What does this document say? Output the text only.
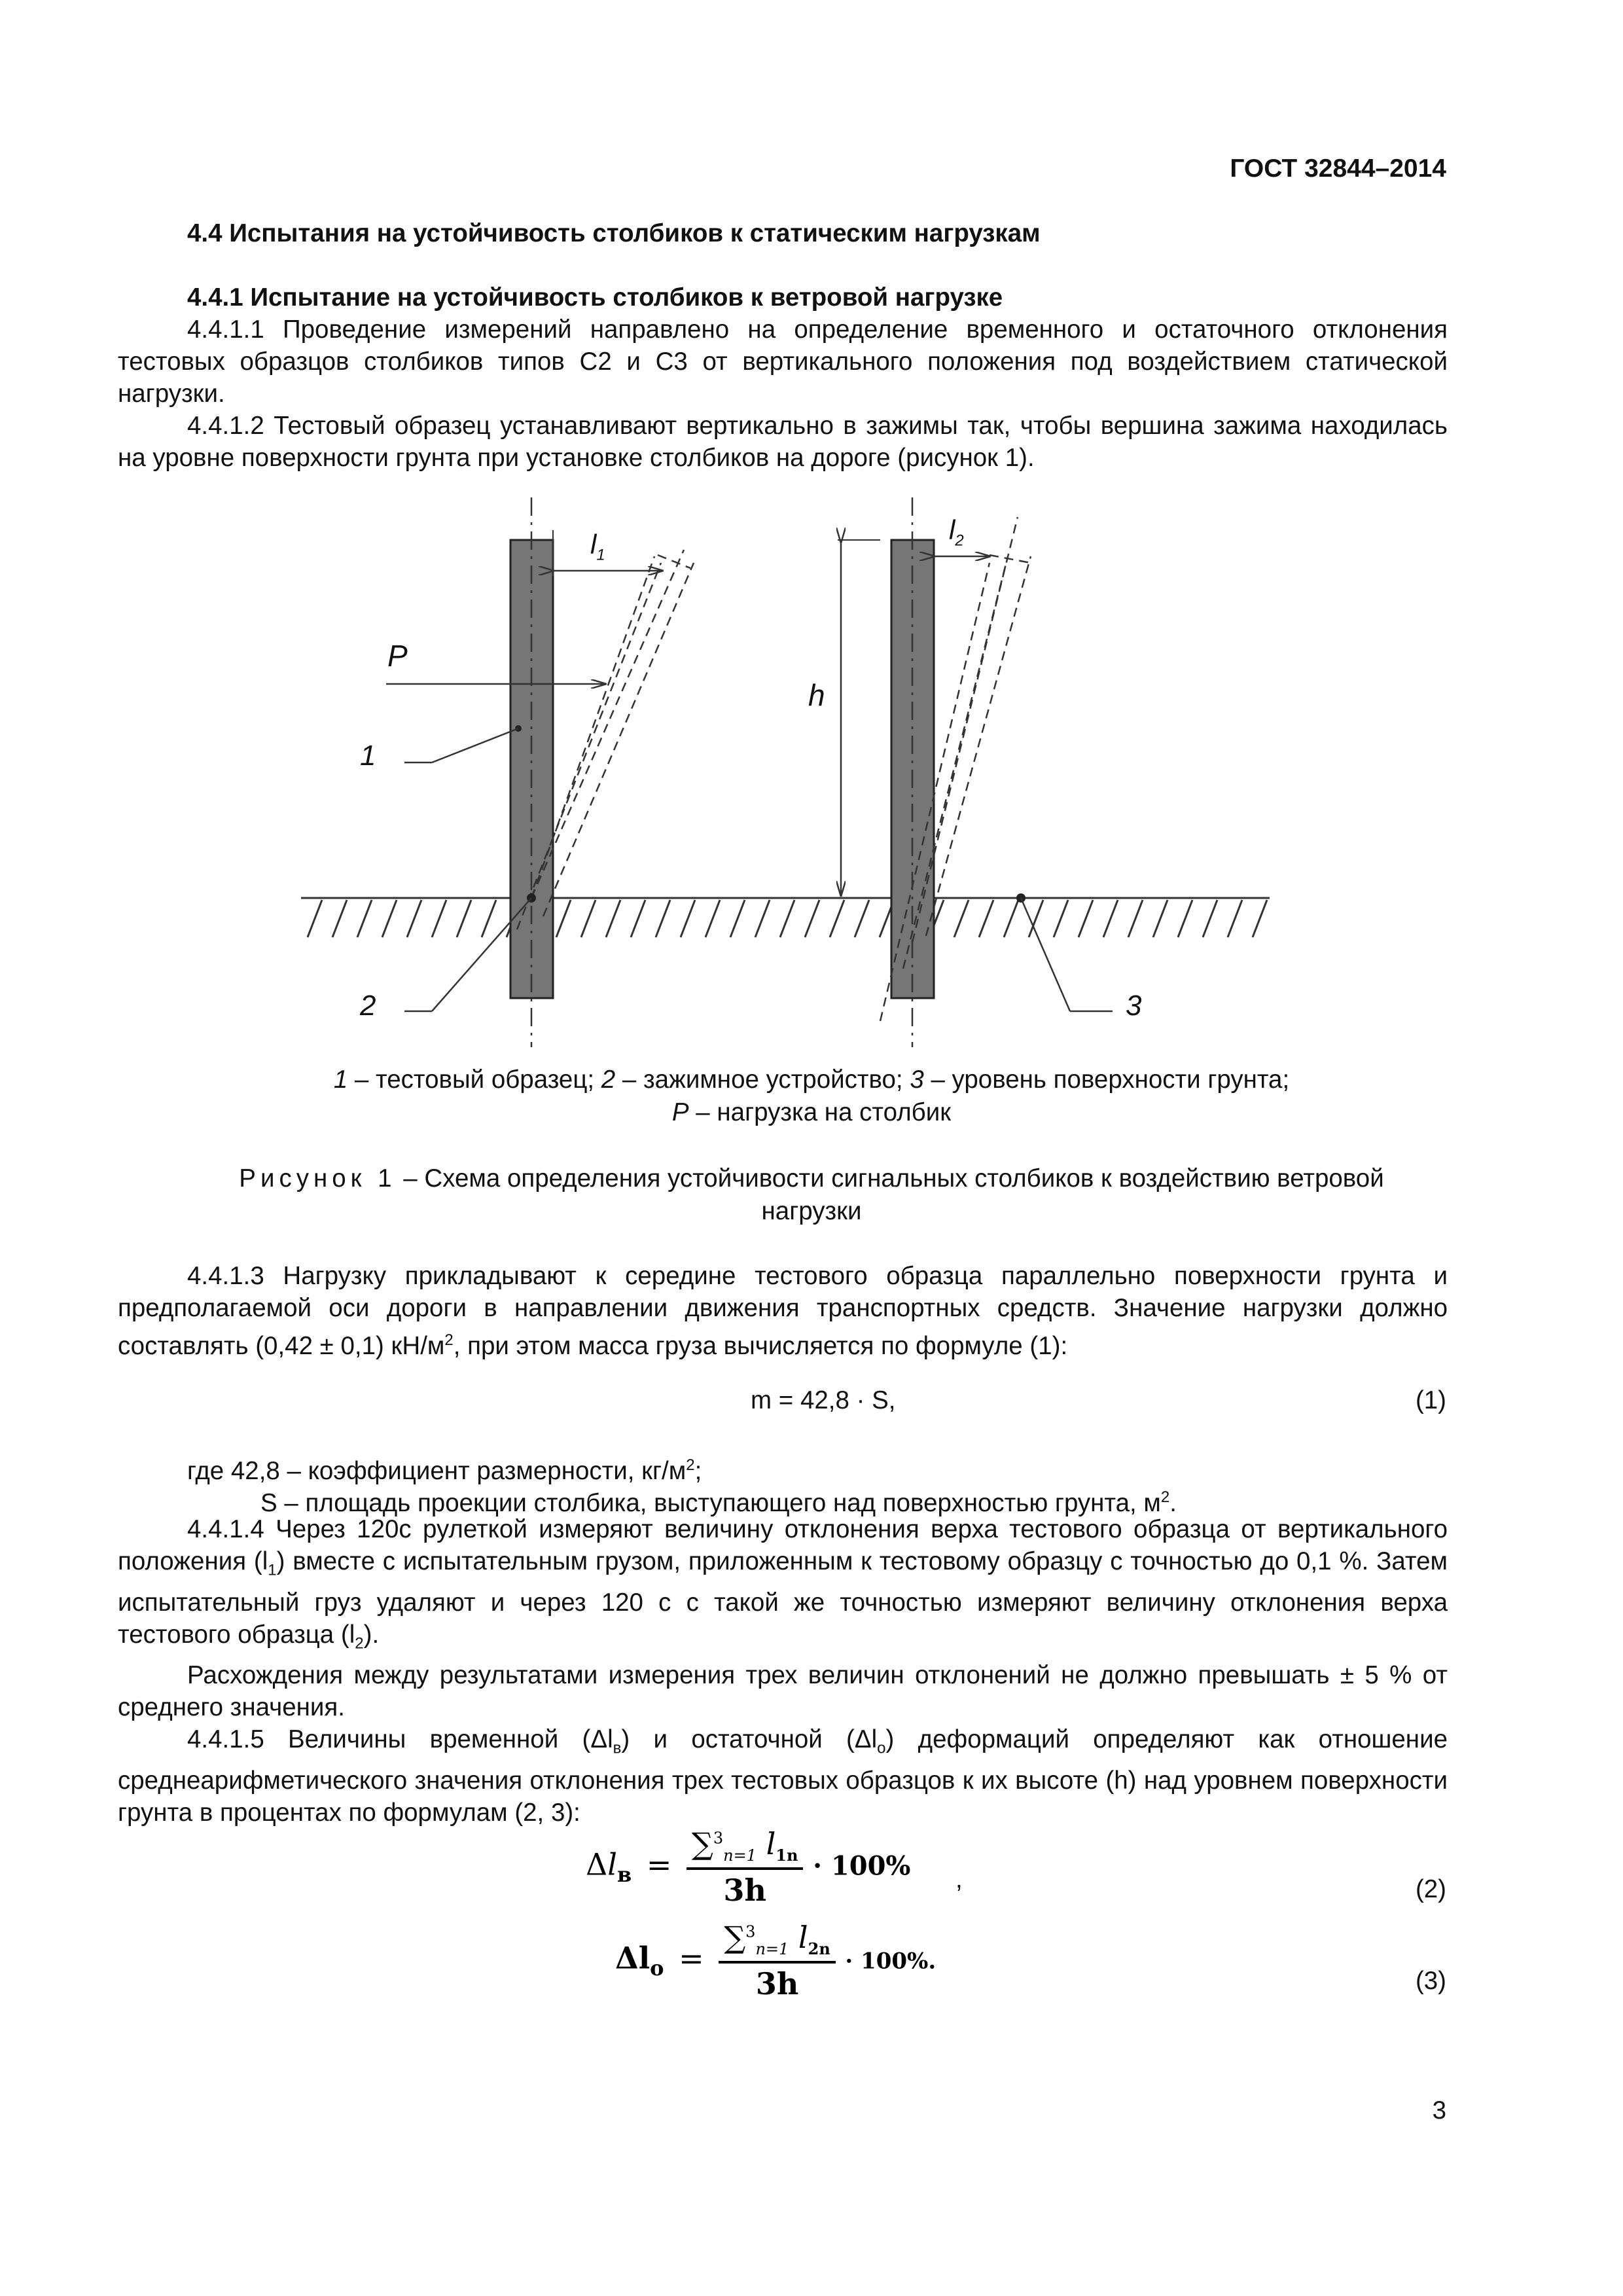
ГОСТ 32844–2014
4.4 Испытания на устойчивость столбиков к статическим нагрузкам
4.4.1 Испытание на устойчивость столбиков к ветровой нагрузке

4.4.1.1 Проведение измерений направлено на определение временного и остаточного отклонения тестовых образцов столбиков типов С2 и С3 от вертикального положения под воздействием статической нагрузки.

4.4.1.2 Тестовый образец устанавливают вертикально в зажимы так, чтобы вершина зажима находилась на уровне поверхности грунта при установке столбиков на дороге (рисунок 1).

$l_1$
$l_2$
P
h
1
2	3
1 – тестовый образец; 2 – зажимное устройство; 3 – уровень поверхности грунта;
P – нагрузка на столбик
Рисунок 1 – Схема определения устойчивости сигнальных столбиков к воздействию ветровой
нагрузки

4.4.1.3 Нагрузку прикладывают к середине тестового образца параллельно поверхности грунта и предполагаемой оси дороги в направлении движения транспортных средств. Значение нагрузки должно составлять (0,42 ± 0,1) $кН/м^2$, при этом масса груза вычисляется по формуле (1):

m = 42,8 · S,	(1)
где 42,8 – коэффициент размерности, $кг/м^2$;
S – площадь проекции столбика, выступающего над поверхностью грунта, $м^2$.

4.4.1.4 Через 120с рулеткой измеряют величину отклонения верха тестового образца от вертикального положения $(l_1)$ вместе с испытательным грузом, приложенным к тестовому образцу с точностью до 0,1 %. Затем испытательный груз удаляют и через 120 с с такой же точностью измеряют величину отклонения верха тестового образца $(l_2)$.

Расхождения между результатами измерения трех величин отклонений не должно превышать ± 5 % от среднего значения.

4.4.1.5 Величины временной $(\Delta l_в)$ и остаточной $(\Delta l_о)$ деформаций определяют как отношение среднеарифметического значения отклонения трех тестовых образцов к их высоте (h) над уровнем поверхности грунта в процентах по формулам (2, 3):

$\Delta l_в = \frac{\sum^3_{n=1} l_{1n}}{3h} \cdot 100\%$ ,	(2)
$\Delta l_о = \frac{\sum^3_{n=1} l_{2n}}{3h} \cdot 100\%$.
(3)
3
